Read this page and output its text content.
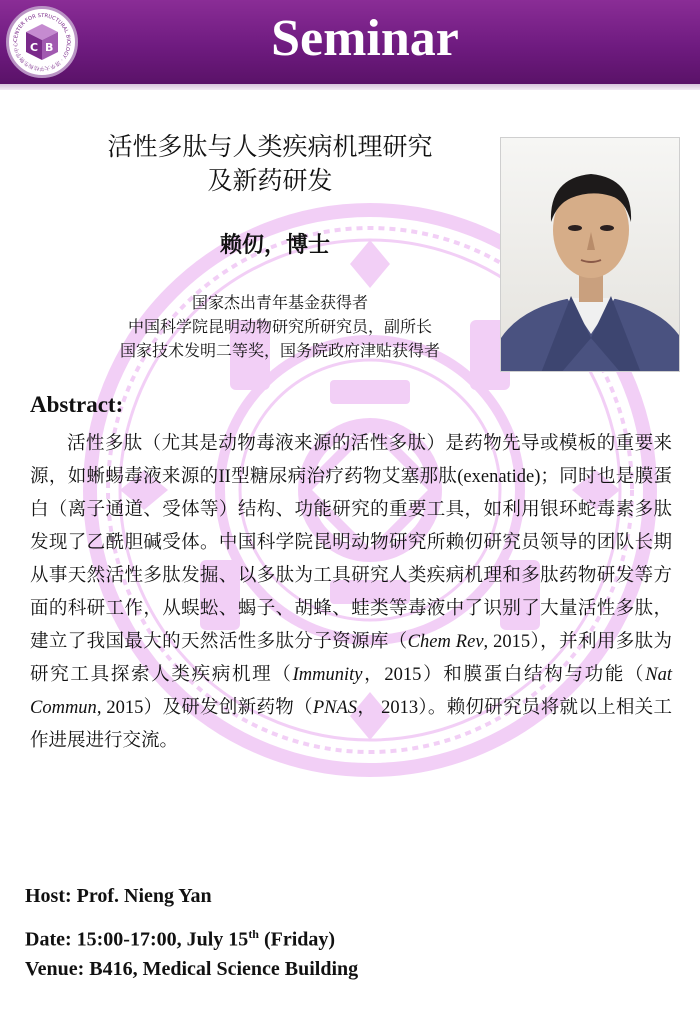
CENTER FOR STRUCTURAL BIOLOGY · 清华大学结构生物学中心 C B	Seminar
活性多肽与人类疾病机理研究
及新药研发
赖仞，博士
国家杰出青年基金获得者
中国科学院昆明动物研究所研究员，副所长
国家技术发明二等奖，国务院政府津贴获得者
Abstract:
活性多肽（尤其是动物毒液来源的活性多肽）是药物先导或模板的重要来源，如蜥蜴毒液来源的II型糖尿病治疗药物艾塞那肽(exenatide)；同时也是膜蛋白（离子通道、受体等）结构、功能研究的重要工具，如利用银环蛇毒素多肽发现了乙酰胆碱受体。中国科学院昆明动物研究所赖仞研究员领导的团队长期从事天然活性多肽发掘、以多肽为工具研究人类疾病机理和多肽药物研发等方面的科研工作，从蜈蚣、蝎子、胡蜂、蛙类等毒液中了识别了大量活性多肽，建立了我国最大的天然活性多肽分子资源库（Chem Rev, 2015），并利用多肽为研究工具探索人类疾病机理（Immunity，2015）和膜蛋白结构与功能（Nat Commun, 2015）及研发创新药物（PNAS， 2013）。赖仞研究员将就以上相关工作进展进行交流。
Host: Prof. Nieng Yan
Date: 15:00-17:00, July 15th (Friday)
Venue: B416, Medical Science Building
